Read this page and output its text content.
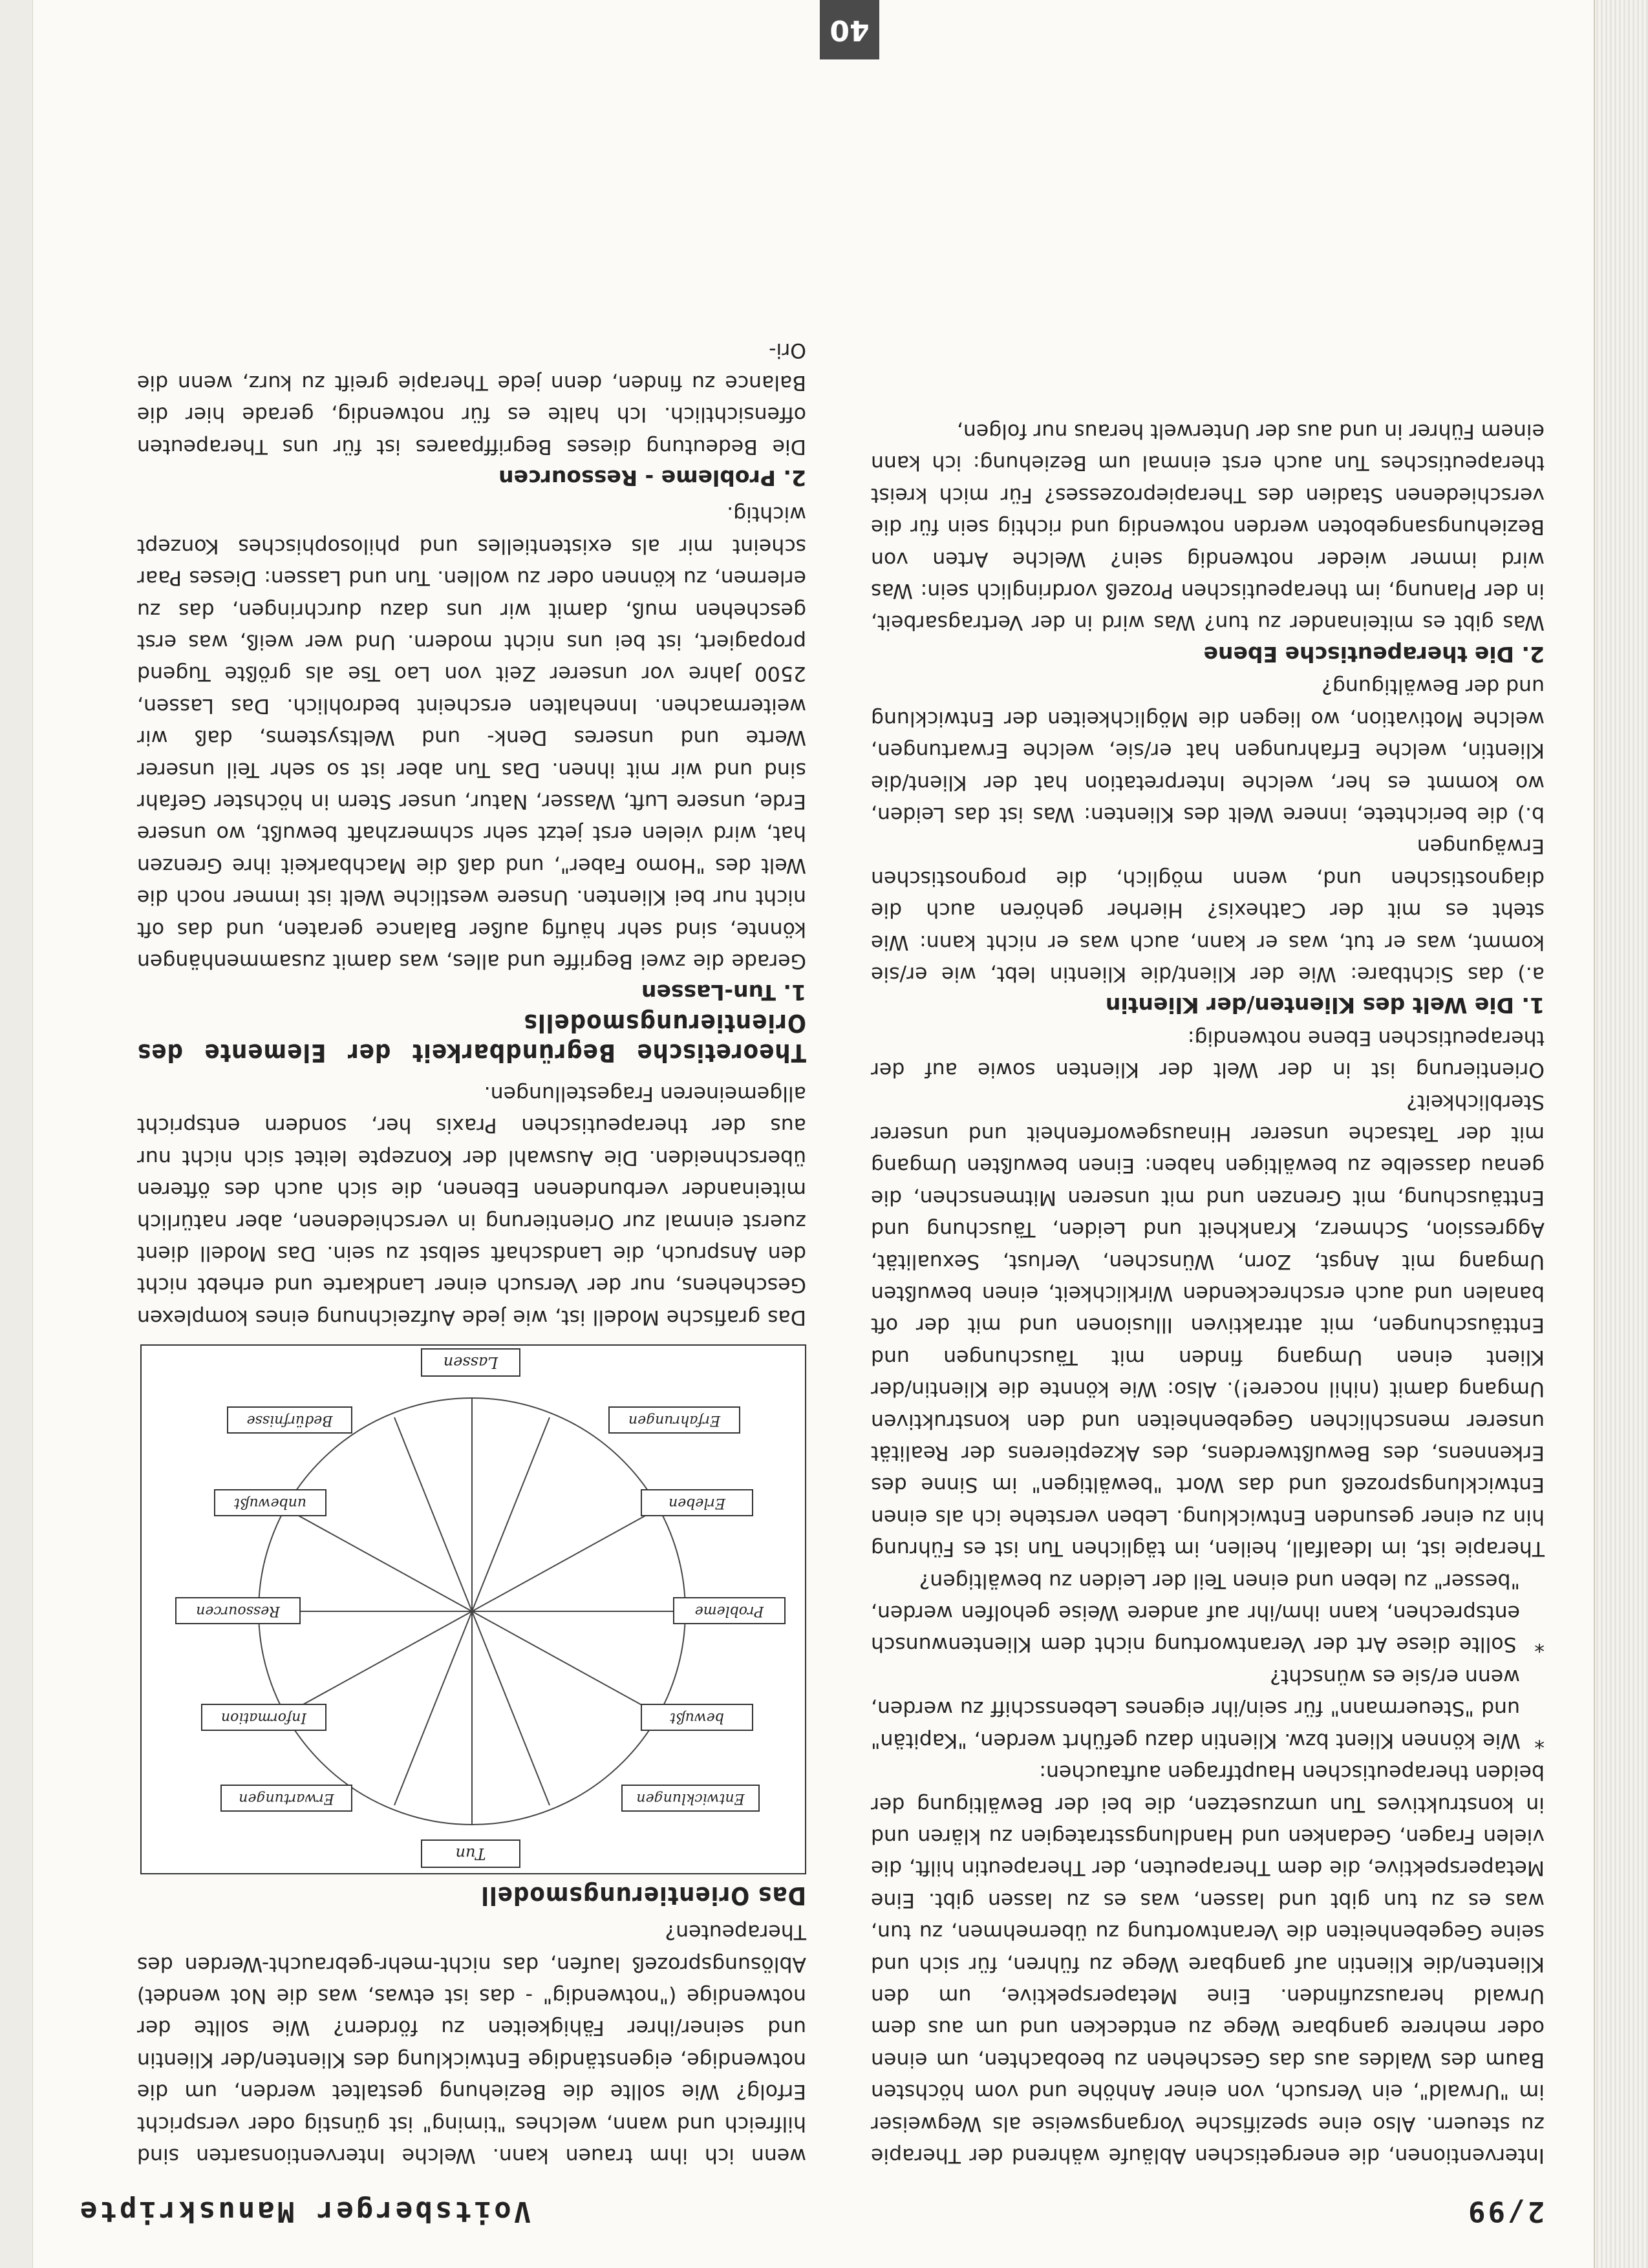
2/99
Voitsberger Manuskripte

Interventionen, die energetischen Abläufe während der Therapie zu steuern. Also eine spezifische Vorgangsweise als Wegweiser im "Urwald", ein Versuch, von einer Anhöhe und vom höchsten Baum des Waldes aus das Geschehen zu beobachten, um einen oder mehrere gangbare Wege zu entdecken und um aus dem Urwald herauszufinden. Eine Metaperspektive, um den Klienten/die Klientin auf gangbare Wege zu führen, für sich und seine Gegebenheiten die Verantwortung zu übernehmen, zu tun, was es zu tun gibt und lassen, was es zu lassen gibt. Eine Metaperspektive, die dem Therapeuten, der Therapeutin hilft, die vielen Fragen, Gedanken und Handlungsstrategien zu klären und in konstruktives Tun umzusetzen, die bei der Bewältigung der beiden therapeutischen Hauptfragen auftauchen:

*  Wie können Klient bzw. Klientin dazu geführt werden, "Kapitän" und "Steuermann" für sein/ihr eigenes Lebensschiff zu werden, wenn er/sie es wünscht?

*  Sollte diese Art der Verantwortung nicht dem Klientenwunsch entsprechen, kann ihm/ihr auf andere Weise geholfen werden, "besser" zu leben und einen Teil der Leiden zu bewältigen?

Therapie ist, im Idealfall, heilen, im täglichen Tun ist es Führung hin zu einer gesunden Entwicklung. Leben verstehe ich als einen Entwicklungsprozeß und das Wort "bewältigen" im Sinne des Erkennens, des Bewußtwerdens, des Akzeptierens der Realität unserer menschlichen Gegebenheiten und den konstruktiven Umgang damit (nihil nocere!). Also: Wie könnte die Klientin/der Klient einen Umgang finden mit Täuschungen und Enttäuschungen, mit attraktiven Illusionen und mit der oft banalen und auch erschreckenden Wirklichkeit, einen bewußten Umgang mit Angst, Zorn, Wünschen, Verlust, Sexualität, Aggression, Schmerz, Krankheit und Leiden, Täuschung und Enttäuschung, mit Grenzen und mit unseren Mitmenschen, die genau dasselbe zu bewältigen haben: Einen bewußten Umgang mit der Tatsache unserer Hinausgeworfenheit und unserer Sterblichkeit?

Orientierung ist in der Welt der Klienten sowie auf der therapeutischen Ebene notwendig:

1. Die Welt des Klienten/der Klientin

a.) das Sichtbare: Wie der Klient/die Klientin lebt, wie er/sie kommt, was er tut, was er kann, auch was er nicht kann: Wie steht es mit der Cathexis? Hierher gehören auch die diagnostischen und, wenn möglich, die prognostischen Erwägungen

b.) die berichtete, innere Welt des Klienten: Was ist das Leiden, wo kommt es her, welche Interpretation hat der Klient/die Klientin, welche Erfahrungen hat er/sie, welche Erwartungen, welche Motivation, wo liegen die Möglichkeiten der Entwicklung und der Bewältigung?

2. Die therapeutische Ebene

Was gibt es miteinander zu tun? Was wird in der Vertragsarbeit, in der Planung, im therapeutischen Prozeß vordringlich sein: Was wird immer wieder notwendig sein? Welche Arten von Beziehungsangeboten werden notwendig und richtig sein für die verschiedenen Stadien des Therapieprozesses? Für mich kreist therapeutisches Tun auch erst einmal um Beziehung: ich kann einem Führer in und aus der Unterwelt heraus nur folgen,

wenn ich ihm trauen kann. Welche Interventionsarten sind hilfreich und wann, welches "timing" ist günstig oder verspricht Erfolg? Wie sollte die Beziehung gestaltet werden, um die notwendige, eigenständige Entwicklung des Klienten/der Klientin und seiner/ihrer Fähigkeiten zu fördern? Wie sollte der notwendige ("notwendig" - das ist etwas, was die Not wendet) Ablösungsprozeß laufen, das nicht-mehr-gebraucht-Werden des Therapeuten?

Das Orientierungsmodell
Tun
Lassen
Entwicklungen
Erwartungen
bewußt
Information
Probleme
Ressourcen
Erleben
unbewußt
Erfahrungen
Bedürfnisse

Das grafische Modell ist, wie jede Aufzeichnung eines komplexen Geschehens, nur der Versuch einer Landkarte und erhebt nicht den Anspruch, die Landschaft selbst zu sein. Das Modell dient zuerst einmal zur Orientierung in verschiedenen, aber natürlich miteinander verbundenen Ebenen, die sich auch des öfteren überschneiden. Die Auswahl der Konzepte leitet sich nicht nur aus der therapeutischen Praxis her, sondern entspricht allgemeineren Fragestellungen.

Theoretische Begründbarkeit der Elemente des Orientierungsmodells
1. Tun-Lassen

Gerade die zwei Begriffe und alles, was damit zusammenhängen könnte, sind sehr häufig außer Balance geraten, und das oft nicht nur bei Klienten. Unsere westliche Welt ist immer noch die Welt des "Homo Faber", und daß die Machbarkeit ihre Grenzen hat, wird vielen erst jetzt sehr schmerzhaft bewußt, wo unsere Erde, unsere Luft, Wasser, Natur, unser Stern in höchster Gefahr sind und wir mit ihnen. Das Tun aber ist so sehr Teil unserer Werte und unseres Denk- und Weltsystems, daß wir weitermachen. Innehalten erscheint bedrohlich. Das Lassen, 2500 Jahre vor unserer Zeit von Lao Tse als größte Tugend propagiert, ist bei uns nicht modern. Und wer weiß, was erst geschehen muß, damit wir uns dazu durchringen, das zu erlernen, zu können oder zu wollen. Tun und Lassen: Dieses Paar scheint mir als existentielles und philosophisches Konzept wichtig.

2. Probleme - Ressourcen

Die Bedeutung dieses Begriffpaares ist für uns Therapeuten offensichtlich. Ich halte es für notwendig, gerade hier die Balance zu finden, denn jede Therapie greift zu kurz, wenn die Ori-

40
